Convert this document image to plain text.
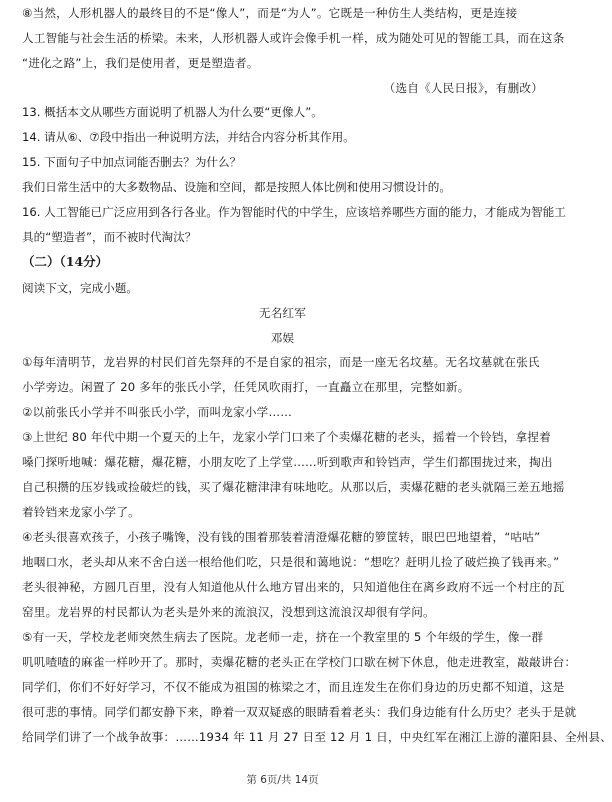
⑧当然，人形机器人的最终目的不是“像人”，而是“为人”。它既是一种仿生人类结构，更是连接
人工智能与社会生活的桥梁。未来，人形机器人或许会像手机一样，成为随处可见的智能工具，而在这条
“进化之路”上，我们是使用者，更是塑造者。
（选自《人民日报》，有删改）
13. 概括本文从哪些方面说明了机器人为什么要“更像人”。
14. 请从⑥、⑦段中指出一种说明方法，并结合内容分析其作用。
15. 下面句子中加点词能否删去？为什么？
我们日常生活中的大多数物品、设施和空间，都是按照人体比例和使用习惯设计的。
16. 人工智能已广泛应用到各行各业。作为智能时代的中学生，应该培养哪些方面的能力，才能成为智能工
具的“塑造者”，而不被时代淘汰？
（二）（14分）
阅读下文，完成小题。
无名红军
邓娱
①每年清明节，龙岩界的村民们首先祭拜的不是自家的祖宗，而是一座无名坟墓。无名坟墓就在张氏
小学旁边。闲置了 20 多年的张氏小学，任凭风吹雨打，一直矗立在那里，完整如新。
②以前张氏小学并不叫张氏小学，而叫龙家小学……
③上世纪 80 年代中期一个夏天的上午，龙家小学门口来了个卖爆花糖的老头，摇着一个铃铛，拿捏着
嗓门探听地喊：爆花糖，爆花糖，小朋友吃了上学堂……听到歌声和铃铛声，学生们都围拢过来，掏出
自己积攒的压岁钱或捡破烂的钱，买了爆花糖津津有味地吃。从那以后，卖爆花糖的老头就隔三差五地摇
着铃铛来龙家小学了。
④老头很喜欢孩子，小孩子嘴馋，没有钱的围着那装着清澄爆花糖的箩筐转，眼巴巴地望着，“咕咕”
地咽口水，老头却从来不舍白送一根给他们吃，只是很和蔼地说：“想吃？赶明儿捡了破烂换了钱再来。”
老头很神秘，方圆几百里，没有人知道他从什么地方冒出来的，只知道他住在离乡政府不远一个村庄的瓦
窑里。龙岩界的村民都认为老头是外来的流浪汉，没想到这流浪汉却很有学问。
⑤有一天，学校龙老师突然生病去了医院。龙老师一走，挤在一个教室里的 5 个年级的学生，像一群
叽叽喳喳的麻雀一样吵开了。那时，卖爆花糖的老头正在学校门口歇在树下休息，他走进教室，敲敲讲台：
同学们，你们不好好学习，不仅不能成为祖国的栋梁之才，而且连发生在你们身边的历史都不知道，这是
很可悲的事情。同学们都安静下来，睁着一双双疑惑的眼睛看着老头：我们身边能有什么历史？老头于是就
给同学们讲了一个战争故事：……1934 年 11 月 27 日至 12 月 1 日，中央红军在湘江上游的灌阳县、全州县、
第 6页/共 14页
